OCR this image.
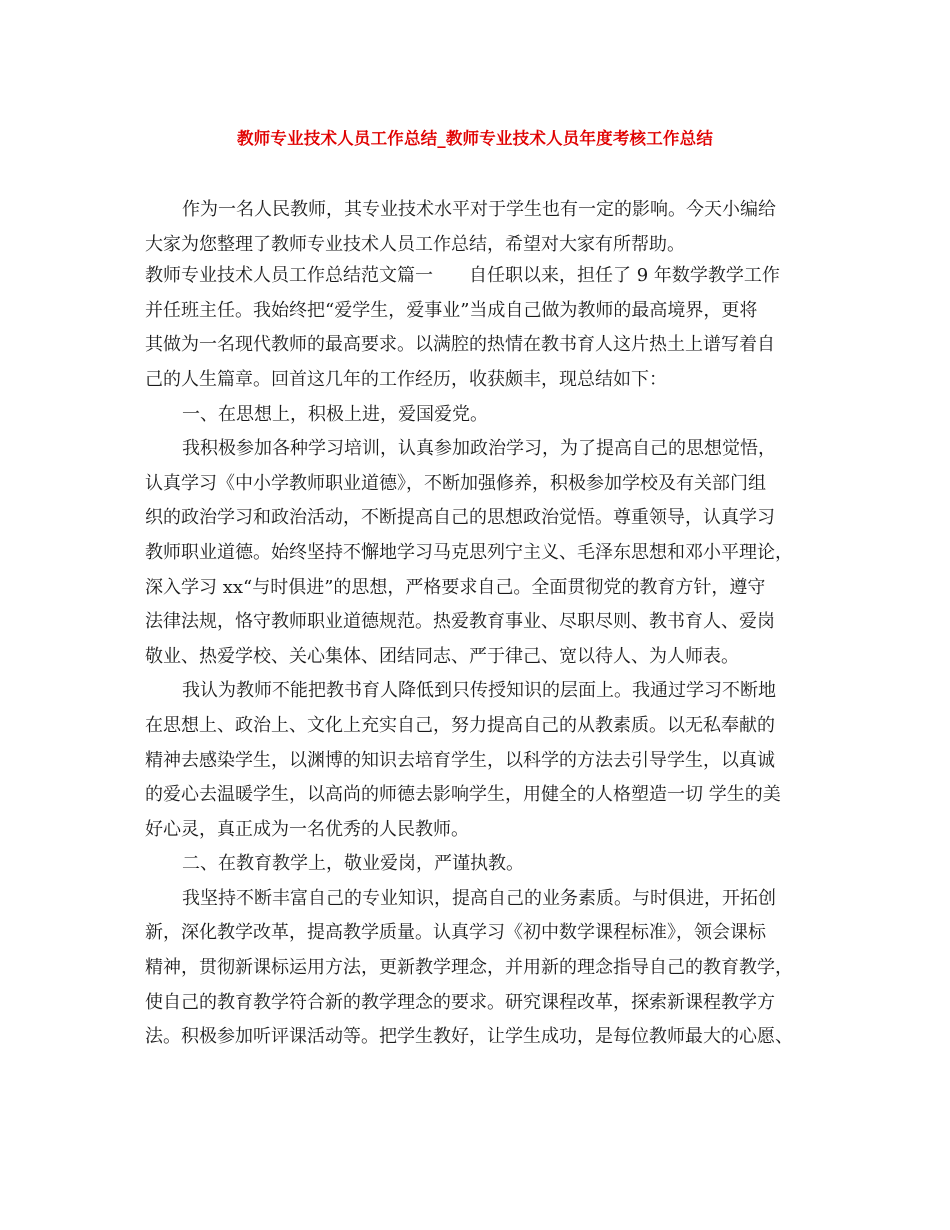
教师专业技术人员工作总结_教师专业技术人员年度考核工作总结
作为一名人民教师，其专业技术水平对于学生也有一定的影响。今天小编给
大家为您整理了教师专业技术人员工作总结，希望对大家有所帮助。
教师专业技术人员工作总结范文篇一　　自任职以来，担任了 9 年数学教学工作
并任班主任。我始终把“爱学生，爱事业”当成自己做为教师的最高境界，更将
其做为一名现代教师的最高要求。以满腔的热情在教书育人这片热土上谱写着自
己的人生篇章。回首这几年的工作经历，收获颇丰，现总结如下：
一、在思想上，积极上进，爱国爱党。
我积极参加各种学习培训，认真参加政治学习，为了提高自己的思想觉悟，
认真学习《中小学教师职业道德》，不断加强修养，积极参加学校及有关部门组
织的政治学习和政治活动，不断提高自己的思想政治觉悟。尊重领导，认真学习
教师职业道德。始终坚持不懈地学习马克思列宁主义、毛泽东思想和邓小平理论，
深入学习 xx“与时俱进”的思想，严格要求自己。全面贯彻党的教育方针，遵守
法律法规，恪守教师职业道德规范。热爱教育事业、尽职尽则、教书育人、爱岗
敬业、热爱学校、关心集体、团结同志、严于律己、宽以待人、为人师表。
我认为教师不能把教书育人降低到只传授知识的层面上。我通过学习不断地
在思想上、政治上、文化上充实自己，努力提高自己的从教素质。以无私奉献的
精神去感染学生，以渊博的知识去培育学生，以科学的方法去引导学生，以真诚
的爱心去温暖学生，以高尚的师德去影响学生，用健全的人格塑造一切 学生的美
好心灵，真正成为一名优秀的人民教师。
二、在教育教学上，敬业爱岗，严谨执教。
我坚持不断丰富自己的专业知识，提高自己的业务素质。与时俱进，开拓创
新，深化教学改革，提高教学质量。认真学习《初中数学课程标准》，领会课标
精神，贯彻新课标运用方法，更新教学理念，并用新的理念指导自己的教育教学，
使自己的教育教学符合新的教学理念的要求。研究课程改革，探索新课程教学方
法。积极参加听评课活动等。把学生教好，让学生成功，是每位教师最大的心愿、
